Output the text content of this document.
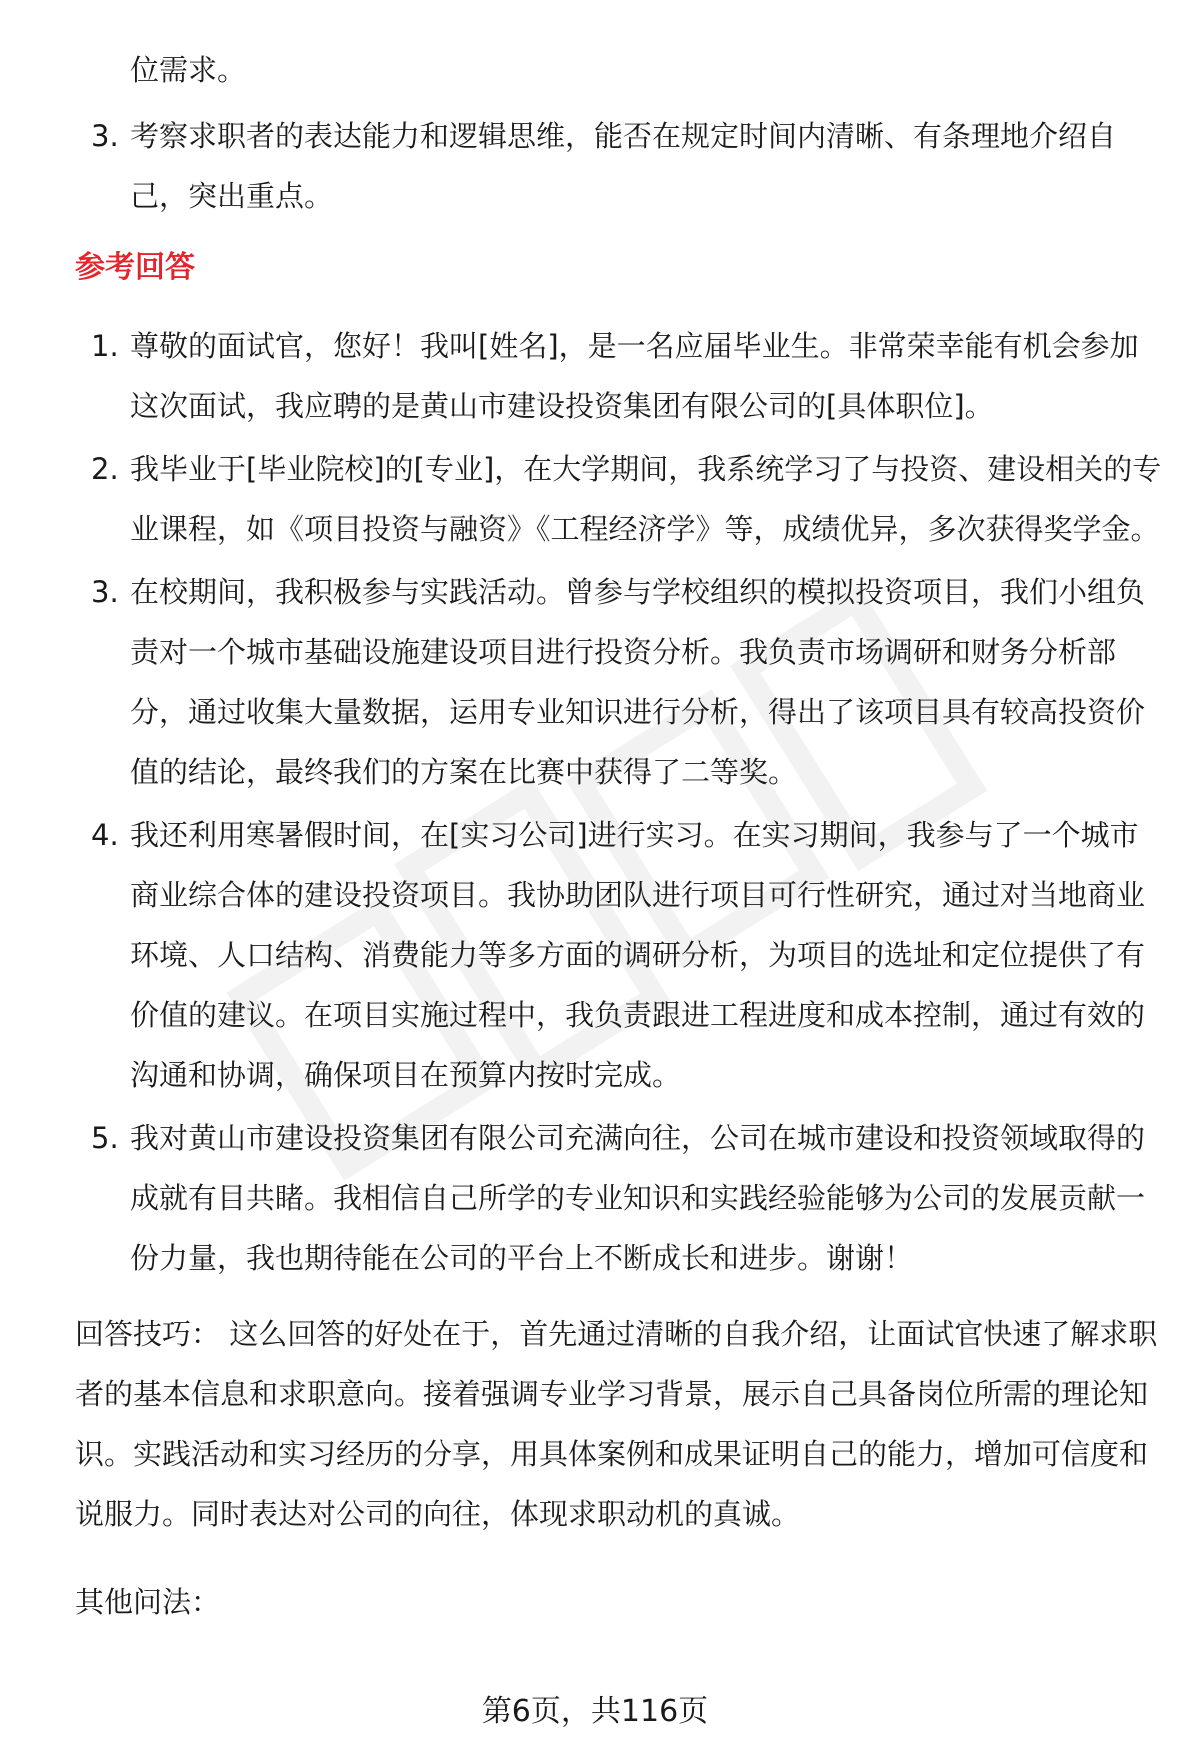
位需求。

3. 考察求职者的表达能力和逻辑思维，能否在规定时间内清晰、有条理地介绍自己，突出重点。
参考回答
1. 尊敬的面试官，您好！我叫[姓名]，是一名应届毕业生。非常荣幸能有机会参加这次面试，我应聘的是黄山市建设投资集团有限公司的[具体职位]。
2. 我毕业于[毕业院校]的[专业]，在大学期间，我系统学习了与投资、建设相关的专业课程，如《项目投资与融资》《工程经济学》等，成绩优异，多次获得奖学金。
3. 在校期间，我积极参与实践活动。曾参与学校组织的模拟投资项目，我们小组负责对一个城市基础设施建设项目进行投资分析。我负责市场调研和财务分析部分，通过收集大量数据，运用专业知识进行分析，得出了该项目具有较高投资价值的结论，最终我们的方案在比赛中获得了二等奖。
4. 我还利用寒暑假时间，在[实习公司]进行实习。在实习期间，我参与了一个城市商业综合体的建设投资项目。我协助团队进行项目可行性研究，通过对当地商业环境、人口结构、消费能力等多方面的调研分析，为项目的选址和定位提供了有价值的建议。在项目实施过程中，我负责跟进工程进度和成本控制，通过有效的沟通和协调，确保项目在预算内按时完成。
5. 我对黄山市建设投资集团有限公司充满向往，公司在城市建设和投资领域取得的成就有目共睹。我相信自己所学的专业知识和实践经验能够为公司的发展贡献一份力量，我也期待能在公司的平台上不断成长和进步。谢谢！

回答技巧： 这么回答的好处在于，首先通过清晰的自我介绍，让面试官快速了解求职者的基本信息和求职意向。接着强调专业学习背景，展示自己具备岗位所需的理论知识。实践活动和实习经历的分享，用具体案例和成果证明自己的能力，增加可信度和说服力。同时表达对公司的向往，体现求职动机的真诚。

其他问法：

第6页，共116页
